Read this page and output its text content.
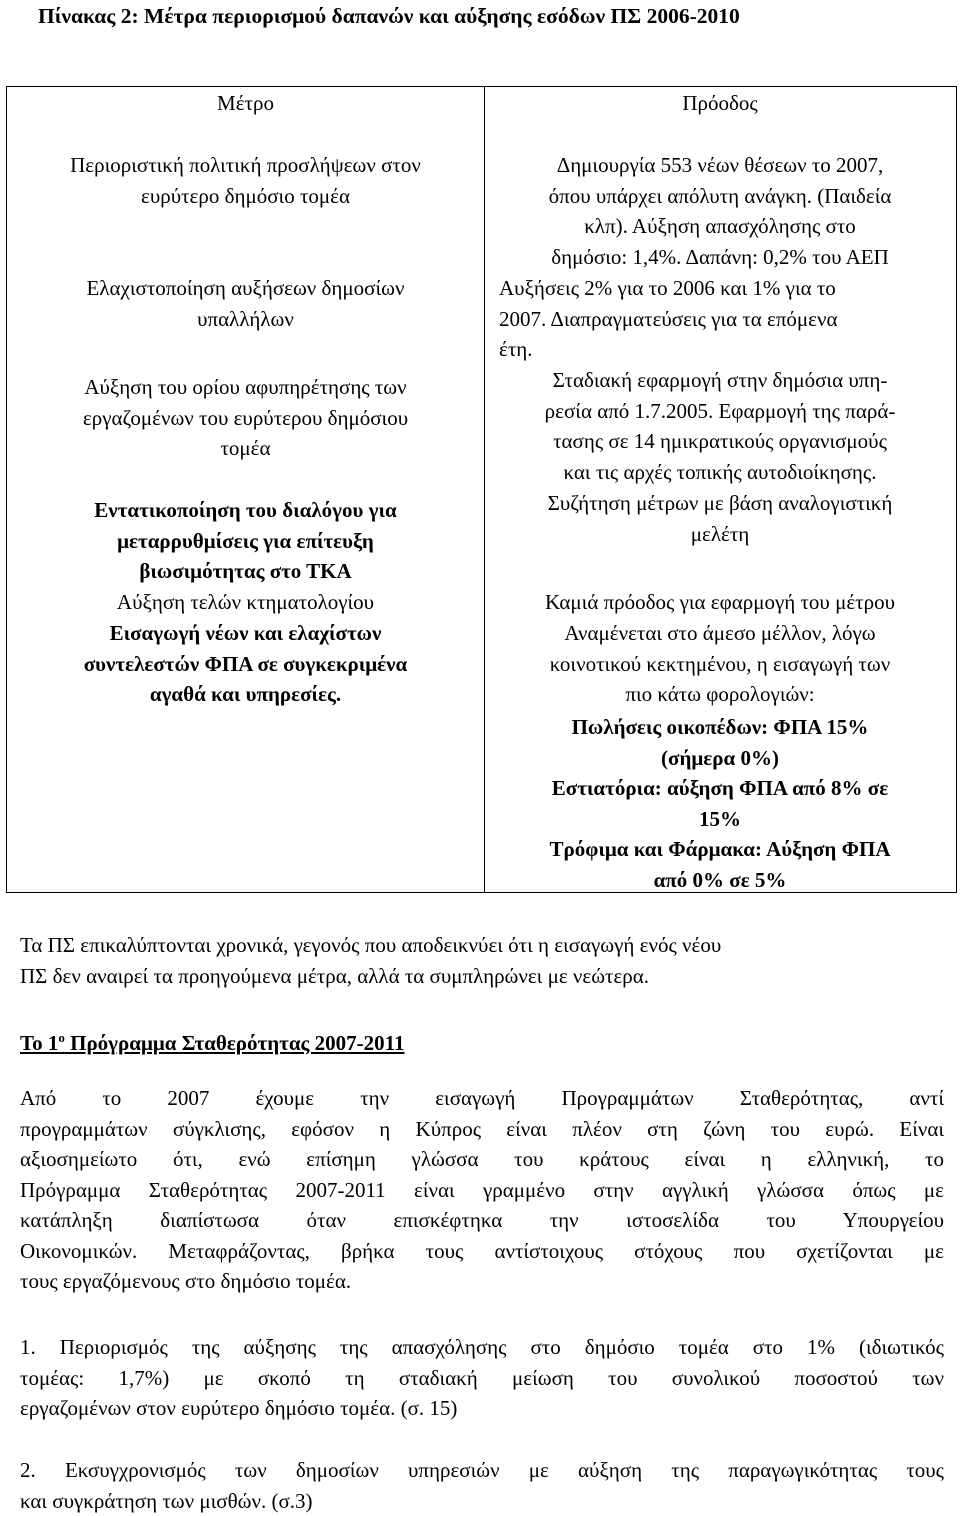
Πίνακας 2: Μέτρα περιορισμού δαπανών και αύξησης εσόδων ΠΣ 2006-2010
Μέτρο
Περιοριστική πολιτική προσλήψεων στον
ευρύτερο δημόσιο τομέα
Ελαχιστοποίηση αυξήσεων δημοσίων
υπαλλήλων
Αύξηση του ορίου αφυπηρέτησης των
εργαζομένων του ευρύτερου δημόσιου
τομέα
Εντατικοποίηση του διαλόγου για
μεταρρυθμίσεις για επίτευξη
βιωσιμότητας στο ΤΚΑ
Αύξηση τελών κτηματολογίου
Εισαγωγή νέων και ελαχίστων
συντελεστών ΦΠΑ σε συγκεκριμένα
αγαθά και υπηρεσίες.
Πρόοδος
Δημιουργία 553 νέων θέσεων το 2007,
όπου υπάρχει απόλυτη ανάγκη. (Παιδεία
κλπ). Αύξηση απασχόλησης στο
δημόσιο: 1,4%. Δαπάνη: 0,2% του ΑΕΠ
Αυξήσεις 2% για το 2006 και 1% για το
2007. Διαπραγματεύσεις για τα επόμενα
έτη.
Σταδιακή εφαρμογή στην δημόσια υπη-
ρεσία από 1.7.2005. Εφαρμογή της παρά-
τασης σε 14 ημικρατικούς οργανισμούς
και τις αρχές τοπικής αυτοδιοίκησης.
Συζήτηση μέτρων με βάση αναλογιστική
μελέτη
Καμιά πρόοδος για εφαρμογή του μέτρου
Αναμένεται στο άμεσο μέλλον, λόγω
κοινοτικού κεκτημένου, η εισαγωγή των
πιο κάτω φορολογιών:
Πωλήσεις οικοπέδων: ΦΠΑ 15%
(σήμερα 0%)
Εστιατόρια: αύξηση ΦΠΑ από 8% σε
15%
Τρόφιμα και Φάρμακα: Αύξηση ΦΠΑ
από 0% σε 5%
Τα ΠΣ επικαλύπτονται χρονικά, γεγονός που αποδεικνύει ότι η εισαγωγή ενός νέου
ΠΣ δεν αναιρεί τα προηγούμενα μέτρα, αλλά τα συμπληρώνει με νεώτερα.
Το $1^o$ Πρόγραμμα Σταθερότητας 2007-2011
Από το 2007 έχουμε την εισαγωγή Προγραμμάτων Σταθερότητας, αντί
προγραμμάτων σύγκλισης, εφόσον η Κύπρος είναι πλέον στη ζώνη του ευρώ. Είναι
αξιοσημείωτο ότι, ενώ επίσημη γλώσσα του κράτους είναι η ελληνική, το
Πρόγραμμα Σταθερότητας 2007-2011 είναι γραμμένο στην αγγλική γλώσσα όπως με
κατάπληξη διαπίστωσα όταν επισκέφτηκα την ιστοσελίδα του Υπουργείου
Οικονομικών. Μεταφράζοντας, βρήκα τους αντίστοιχους στόχους που σχετίζονται με
τους εργαζόμενους στο δημόσιο τομέα.
1. Περιορισμός της αύξησης της απασχόλησης στο δημόσιο τομέα στο 1% (ιδιωτικός
τομέας: 1,7%) με σκοπό τη σταδιακή μείωση του συνολικού ποσοστού των
εργαζομένων στον ευρύτερο δημόσιο τομέα. (σ. 15)
2. Εκσυγχρονισμός των δημοσίων υπηρεσιών με αύξηση της παραγωγικότητας τους
και συγκράτηση των μισθών. (σ.3)
